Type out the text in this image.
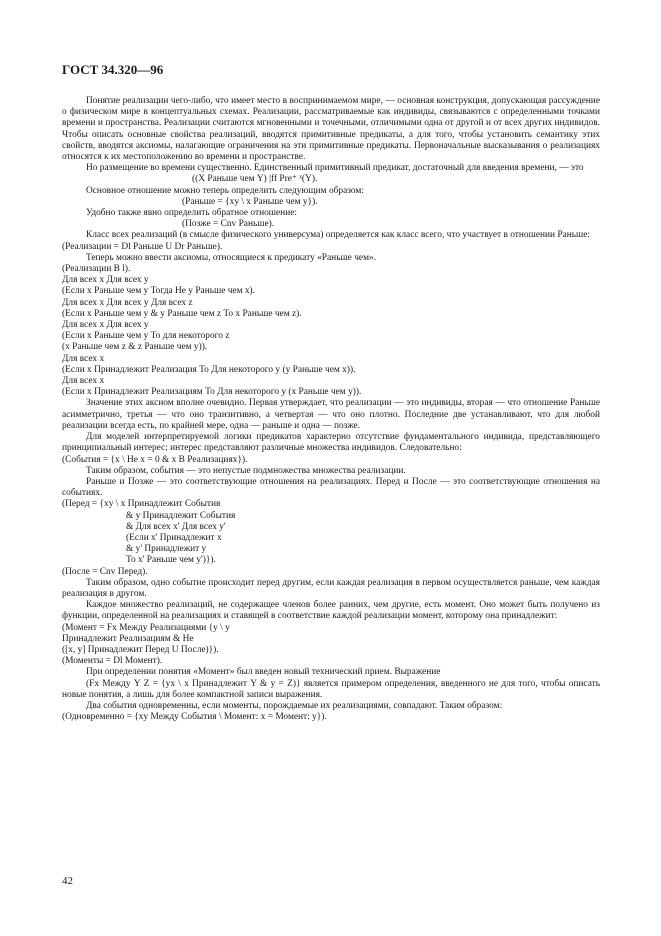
ГОСТ 34.320—96

Понятие реализации чего-либо, что имеет место в воспринимаемом мире, — основная конструкция, допускающая рассуждение о физическом мире в концептуальных схемах. Реализации, рассматриваемые как индивиды, связываются с определенными точками времени и пространства. Реализации считаются мгновенными и точечными, отличимыми одна от другой и от всех других индивидов. Чтобы описать основные свойства реализаций, вводятся примитивные предикаты, а для того, чтобы установить семантику этих свойств, вводятся аксиомы, налагающие ограничения на эти примитивные предикаты. Первоначальные высказывания о реализациях относятся к их местоположению во времени и пространстве.

Но размещение во времени существенно. Единственный примитивный предикат, достаточный для введения времени, — это

((X Раньше чем Y) |ff Pre⁺ ˣ(Y).

Основное отношение можно теперь определить следующим образом:

(Раньше = {xy \ x Раньше чем y}).

Удобно также явно определить обратное отношение:

(Позже = Cnv Раньше).

Класс всех реализаций (в смысле физического универсума) определяется как класс всего, что участвует в отношении Раньше:

(Реализации = Dl Раньше U Dr Раньше).

Теперь можно ввести аксиомы, относящиеся к предикату «Раньше чем».

(Реализации B l).

Для всех x Для всех y

(Если x Раньше чем y Тогда Не y Раньше чем x).

Для всех x Для всех y Для всех z

(Если x Раньше чем y & y Раньше чем z То x Раньше чем z).

Для всех x Для всех y

(Если x Раньше чем y То для некоторого z

(x Раньше чем z & z Раньше чем y)).

Для всех x

(Если x Принадлежит Реализация То Для некоторого y (y Раньше чем x)).

Для всех x

(Если x Принадлежит Реализациям То Для некоторого y (x Раньше чем y)).

Значение этих аксиом вполне очевидно. Первая утверждает, что реализации — это индивиды, вторая — что отношение Раньше асимметрично, третья — что оно транзитивно, а четвертая — что оно плотно. Последние две устанавливают, что для любой реализации всегда есть, по крайней мере, одна — раньше и одна — позже.

Для моделей интерпретируемой логики предикатов характерно отсутствие фундаментального индивида, представляющего принципиальный интерес; интерес представляют различные множества индивидов. Следовательно:

(События = {x \ Не x = 0 & x В Реализациях}).

Таким образом, события — это непустые подмножества множества реализации.

Раньше и Позже — это соответствующие отношения на реализациях. Перед и После — это соответствующие отношения на событиях.

(Перед = {xy \ x Принадлежит События

& y Принадлежит События

& Для всех x' Для всех y'

(Если x' Принадлежит x

& y' Принадлежит y

То x' Раньше чем y')}).

(После = Cnv Перед).

Таким образом, одно событие происходит перед другим, если каждая реализация в первом осуществляется раньше, чем каждая реализация в другом.

Каждое множество реализаций, не содержащее членов более ранних, чем другие, есть момент. Оно может быть получено из функции, определенной на реализациях и ставящей в соответствие каждой реализации момент, которому она принадлежит:

(Момент = Fx Между Реализациями {y \ y

Принадлежит Реализациям & Не

([x, y] Принадлежит Перед U После)}).

(Моменты = Dl Момент).

При определении понятия «Момент» был введен новый технический прием. Выражение

(Fx Между Y Z = {yx \ x Принадлежит Y & y = Z)} является примером определения, введенного не для того, чтобы описать новые понятия, а лишь для более компактной записи выражения.

Два события одновременны, если моменты, порождаемые их реализациями, совпадают. Таким образом:

(Одновременно = {xy Между События \ Момент: x = Момент: y}).

42
